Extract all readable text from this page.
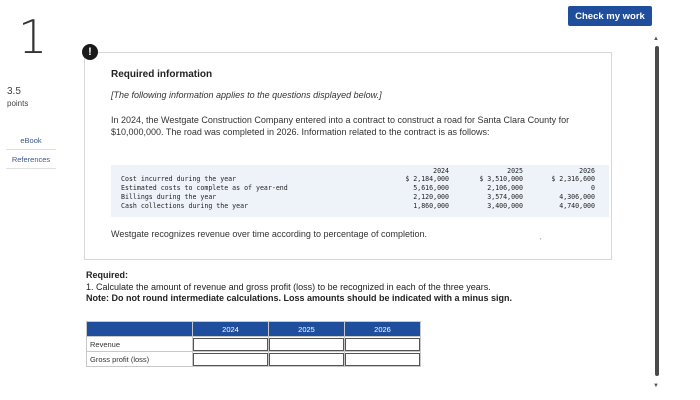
1
3.5
points
eBook
References
Check my work
▲
▼
Required information
[The following information applies to the questions displayed below.]
In 2024, the Westgate Construction Company entered into a contract to construct a road for Santa Clara County for $10,000,000. The road was completed in 2026. Information related to the contract is as follows:
2024	2025	2026
Cost incurred during the year	$ 2,184,000	$ 3,510,000	$ 2,316,600
Estimated costs to complete as of year-end	5,616,000	2,106,000	0
Billings during the year	2,120,000	3,574,000	4,306,000
Cash collections during the year	1,860,000	3,400,000	4,740,000
Westgate recognizes revenue over time according to percentage of completion.
!
’
Required:
1. Calculate the amount of revenue and gross profit (loss) to be recognized in each of the three years.
Note: Do not round intermediate calculations. Loss amounts should be indicated with a minus sign.
	2024	2025	2026
Revenue			
Gross profit (loss)			
